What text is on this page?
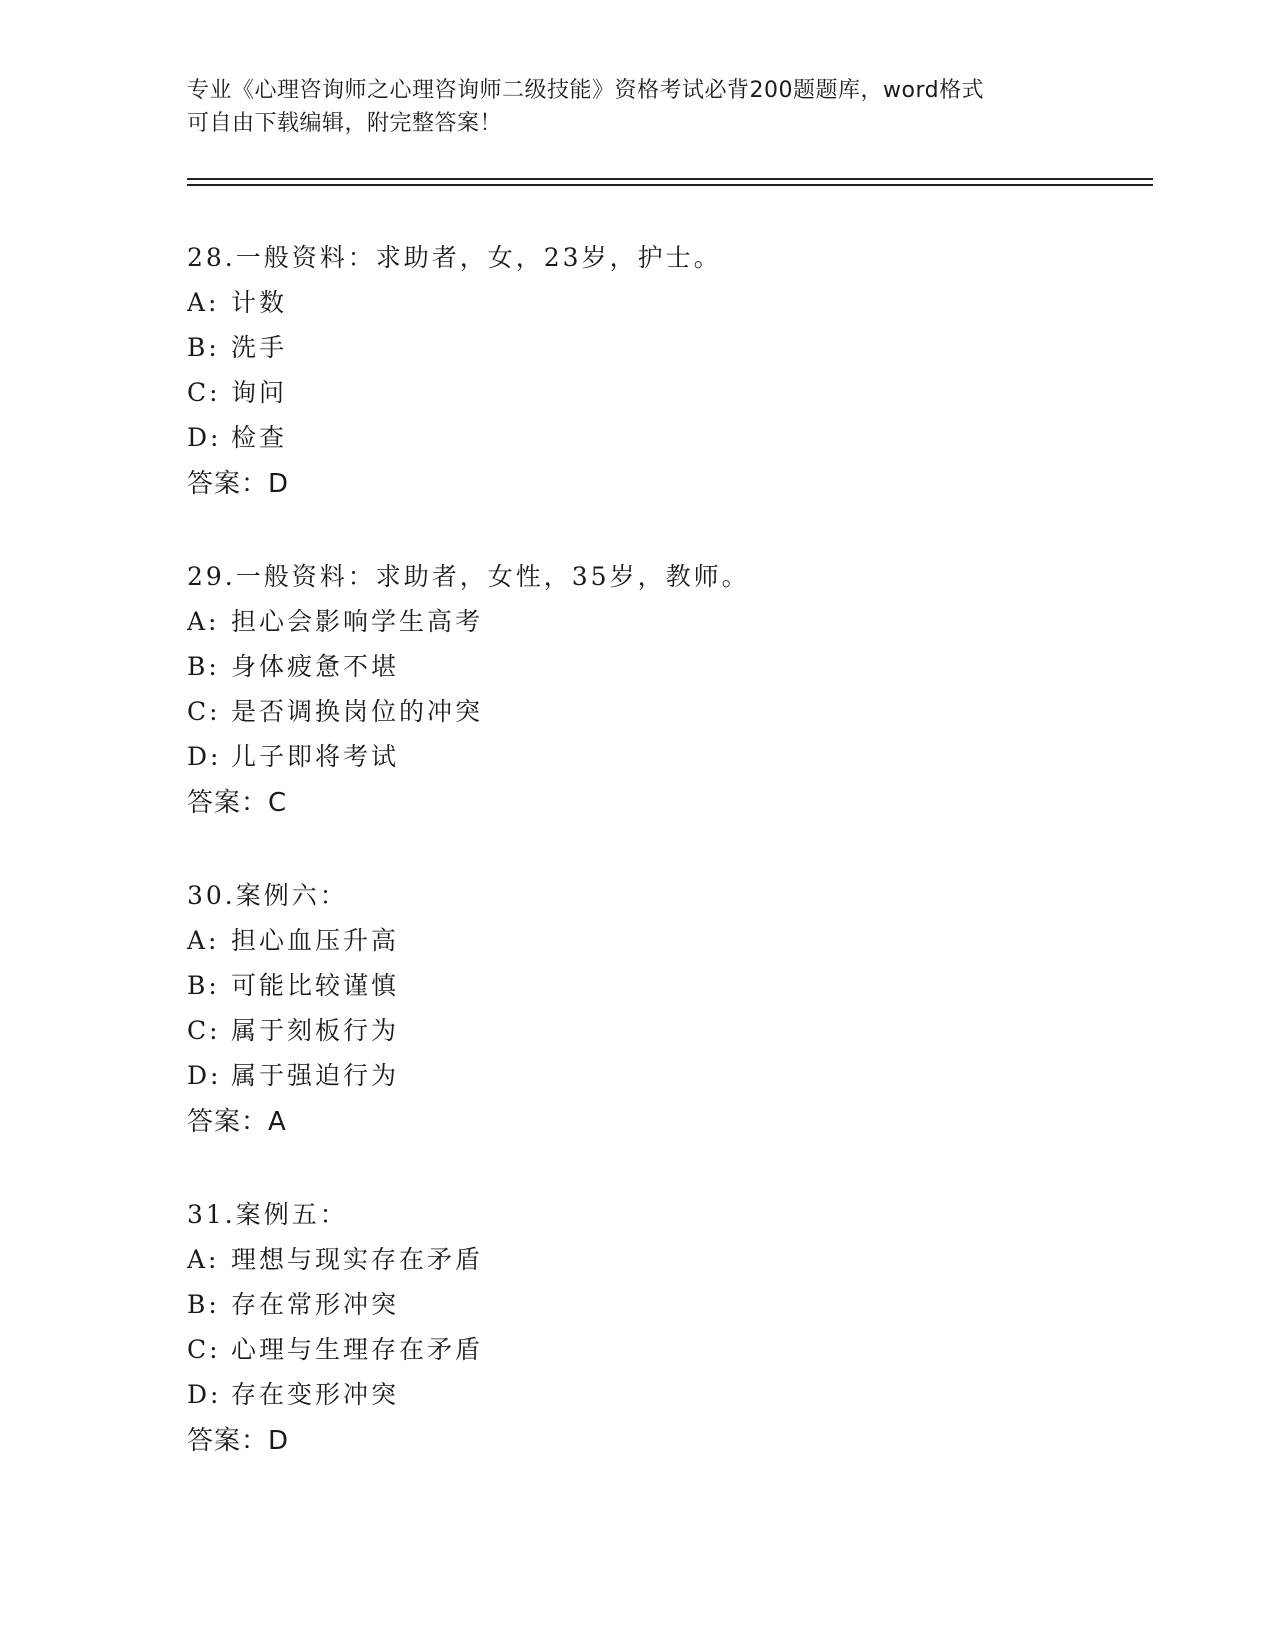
专业《心理咨询师之心理咨询师二级技能》资格考试必背200题题库，word格式
可自由下载编辑，附完整答案！
28.一般资料：求助者，女，23岁，护士。
A: 计数
B: 洗手
C: 询问
D: 检查
答案：D
29.一般资料：求助者，女性，35岁，教师。
A: 担心会影响学生高考
B: 身体疲惫不堪
C: 是否调换岗位的冲突
D: 儿子即将考试
答案：C
30.案例六：
A: 担心血压升高
B: 可能比较谨慎
C: 属于刻板行为
D: 属于强迫行为
答案：A
31.案例五：
A: 理想与现实存在矛盾
B: 存在常形冲突
C: 心理与生理存在矛盾
D: 存在变形冲突
答案：D
